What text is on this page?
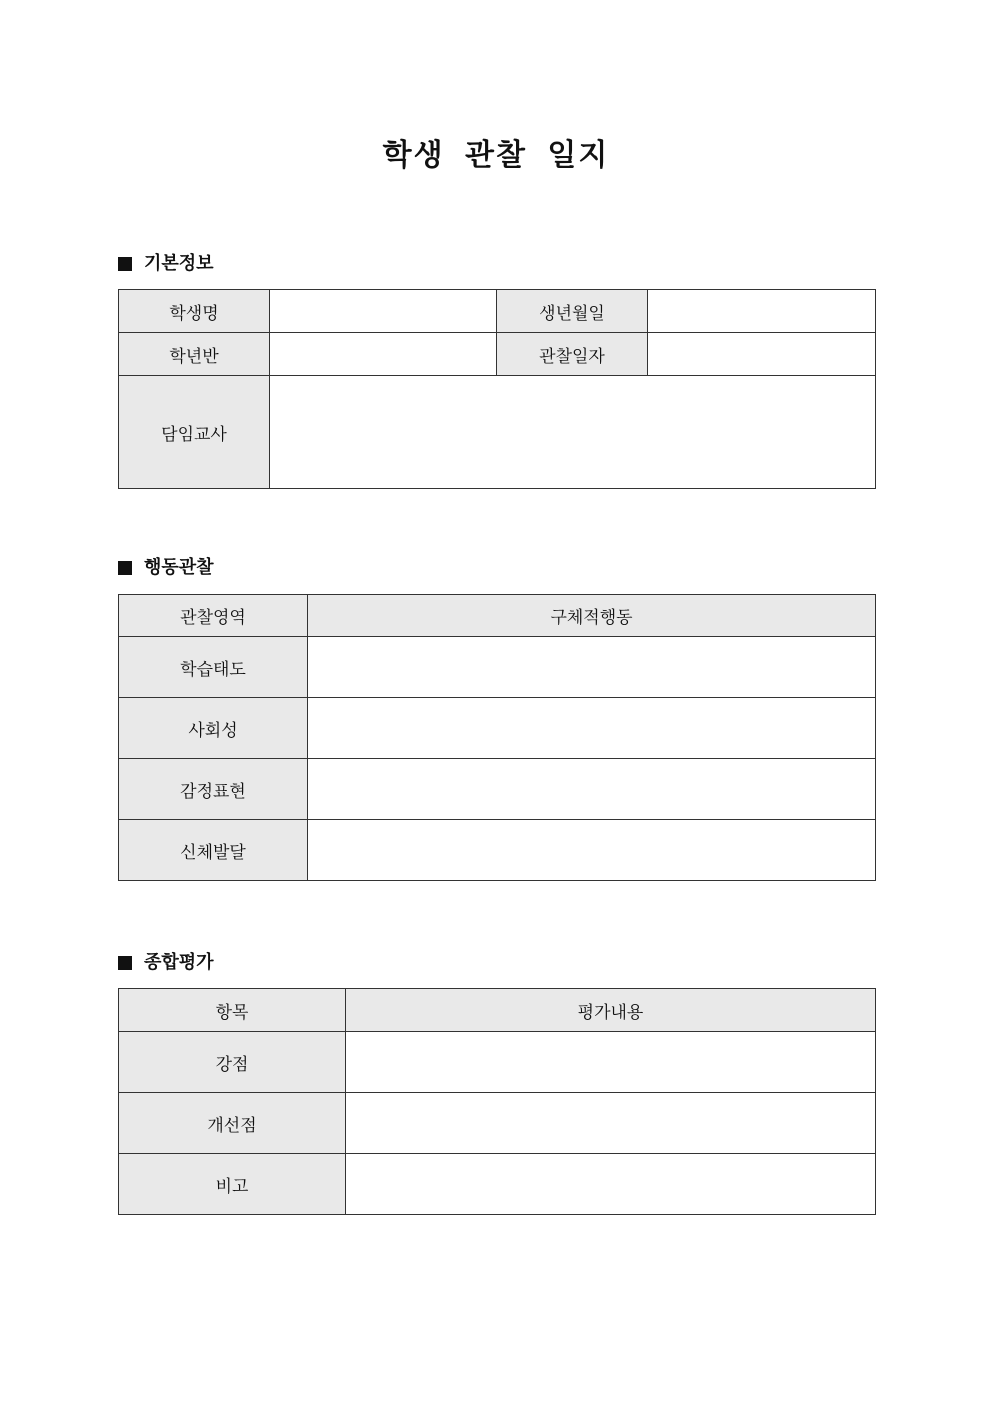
학생 관찰 일지
기본정보
학생명		생년월일	
학년반		관찰일자	
담임교사			
행동관찰
관찰영역	구체적행동
학습태도	
사회성	
감정표현	
신체발달	
종합평가
항목	평가내용
강점	
개선점	
비고	
